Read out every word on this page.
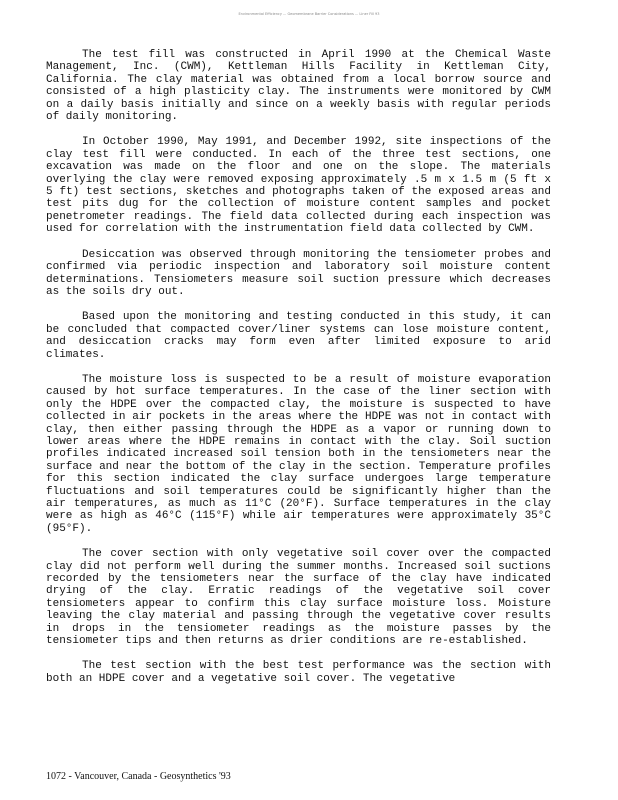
Environmental Efficiency ... Geomembrane Barrier Considerations ... Liner Fill 93

The test fill was constructed in April 1990 at the Chemical Waste Management, Inc. (CWM), Kettleman Hills Facility in Kettleman City, California. The clay material was obtained from a local borrow source and consisted of a high plasticity clay. The instruments were monitored by CWM on a daily basis initially and since on a weekly basis with regular periods of daily monitoring.

In October 1990, May 1991, and December 1992, site inspections of the clay test fill were conducted. In each of the three test sections, one excavation was made on the floor and one on the slope. The materials overlying the clay were removed exposing approximately .5 m x 1.5 m (5 ft x 5 ft) test sections, sketches and photographs taken of the exposed areas and test pits dug for the collection of moisture content samples and pocket penetrometer readings. The field data collected during each inspection was used for correlation with the instrumentation field data collected by CWM.

Desiccation was observed through monitoring the tensiometer probes and confirmed via periodic inspection and laboratory soil moisture content determinations. Tensiometers measure soil suction pressure which decreases as the soils dry out.

Based upon the monitoring and testing conducted in this study, it can be concluded that compacted cover/liner systems can lose moisture content, and desiccation cracks may form even after limited exposure to arid climates.

The moisture loss is suspected to be a result of moisture evaporation caused by hot surface temperatures. In the case of the liner section with only the HDPE over the compacted clay, the moisture is suspected to have collected in air pockets in the areas where the HDPE was not in contact with clay, then either passing through the HDPE as a vapor or running down to lower areas where the HDPE remains in contact with the clay. Soil suction profiles indicated increased soil tension both in the tensiometers near the surface and near the bottom of the clay in the section. Temperature profiles for this section indicated the clay surface undergoes large temperature fluctuations and soil temperatures could be significantly higher than the air temperatures, as much as 11°C (20°F). Surface temperatures in the clay were as high as 46°C (115°F) while air temperatures were approximately 35°C (95°F).

The cover section with only vegetative soil cover over the compacted clay did not perform well during the summer months. Increased soil suctions recorded by the tensiometers near the surface of the clay have indicated drying of the clay. Erratic readings of the vegetative soil cover tensiometers appear to confirm this clay surface moisture loss. Moisture leaving the clay material and passing through the vegetative cover results in drops in the tensiometer readings as the moisture passes by the tensiometer tips and then returns as drier conditions are re-established.

The test section with the best test performance was the section with both an HDPE cover and a vegetative soil cover. The vegetative

1072 - Vancouver, Canada - Geosynthetics '93
